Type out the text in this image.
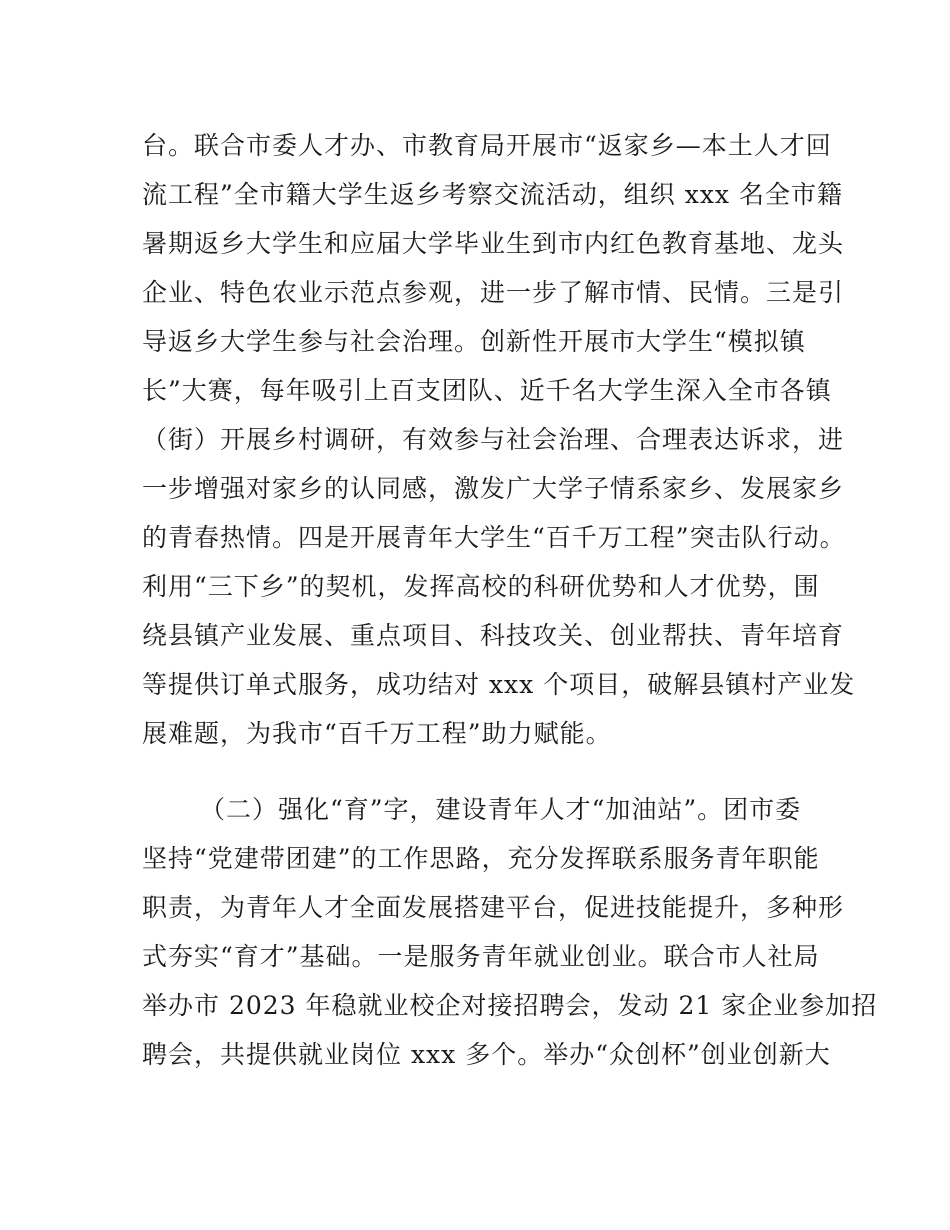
台。联合市委人才办、市教育局开展市“返家乡—本土人才回
流工程”全市籍大学生返乡考察交流活动，组织 xxx 名全市籍
暑期返乡大学生和应届大学毕业生到市内红色教育基地、龙头
企业、特色农业示范点参观，进一步了解市情、民情。三是引
导返乡大学生参与社会治理。创新性开展市大学生“模拟镇
长”大赛，每年吸引上百支团队、近千名大学生深入全市各镇
（街）开展乡村调研，有效参与社会治理、合理表达诉求，进
一步增强对家乡的认同感，激发广大学子情系家乡、发展家乡
的青春热情。四是开展青年大学生“百千万工程”突击队行动。
利用“三下乡”的契机，发挥高校的科研优势和人才优势，围
绕县镇产业发展、重点项目、科技攻关、创业帮扶、青年培育
等提供订单式服务，成功结对 xxx 个项目，破解县镇村产业发
展难题，为我市“百千万工程”助力赋能。
（二）强化“育”字，建设青年人才“加油站”。团市委
坚持“党建带团建”的工作思路，充分发挥联系服务青年职能
职责，为青年人才全面发展搭建平台，促进技能提升，多种形
式夯实“育才”基础。一是服务青年就业创业。联合市人社局
举办市 2023 年稳就业校企对接招聘会，发动 21 家企业参加招
聘会，共提供就业岗位 xxx 多个。举办“众创杯”创业创新大
